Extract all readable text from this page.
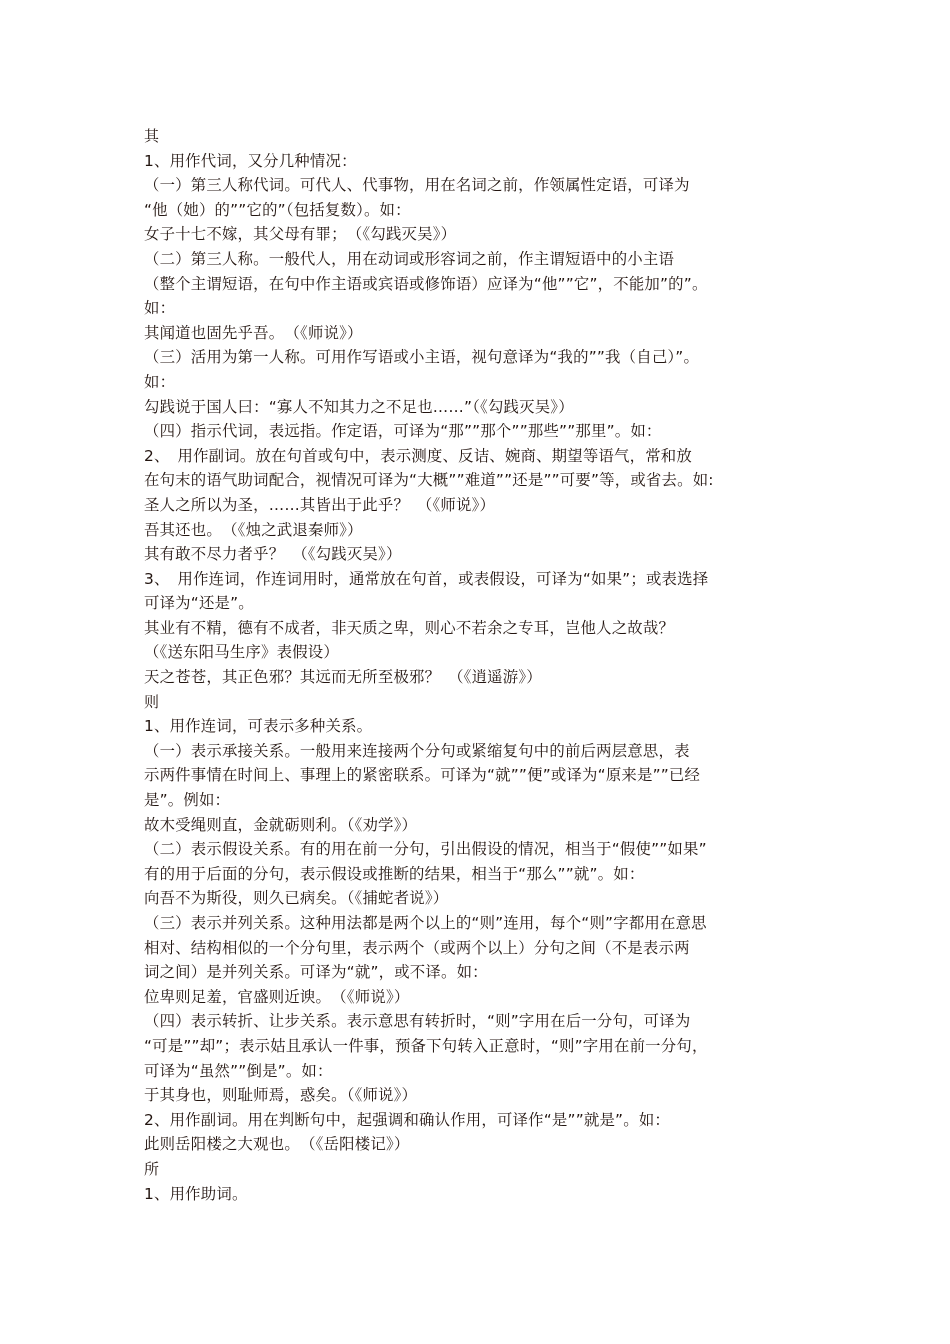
其
1、用作代词，又分几种情况：
（一）第三人称代词。可代人、代事物，用在名词之前，作领属性定语，可译为
“他（她）的””它的”（包括复数）。如：
女子十七不嫁，其父母有罪；　（《勾践灭吴》）
（二）第三人称。一般代人，用在动词或形容词之前，作主谓短语中的小主语
（整个主谓短语，在句中作主语或宾语或修饰语）应译为“他””它”，不能加”的”。
如：
其闻道也固先乎吾。　（《师说》）
（三）活用为第一人称。可用作写语或小主语，视句意译为“我的””我（自己）”。
如：
勾践说于国人曰：“寡人不知其力之不足也……”（《勾践灭吴》）
（四）指示代词，表远指。作定语，可译为“那””那个””那些””那里”。如：
2、　用作副词。放在句首或句中，表示测度、反诘、婉商、期望等语气，常和放
在句末的语气助词配合，视情况可译为“大概””难道””还是””可要”等，或省去。如:
圣人之所以为圣，……其皆出于此乎？　（《师说》）
吾其还也。　（《烛之武退秦师》）
其有敢不尽力者乎？　（《勾践灭吴》）
3、　用作连词，作连词用时，通常放在句首，或表假设，可译为“如果”；或表选择
可译为“还是”。
其业有不精，德有不成者，非天质之卑，则心不若余之专耳，岂他人之故哉？
（《送东阳马生序》表假设）
天之苍苍，其正色邪？其远而无所至极邪？　（《逍遥游》）
则
1、用作连词，可表示多种关系。
（一）表示承接关系。一般用来连接两个分句或紧缩复句中的前后两层意思，表
示两件事情在时间上、事理上的紧密联系。可译为“就””便”或译为“原来是””已经
是”。例如：
故木受绳则直，金就砺则利。（《劝学》）
（二）表示假设关系。有的用在前一分句，引出假设的情况，相当于“假使””如果”
有的用于后面的分句，表示假设或推断的结果，相当于“那么””就”。如：
向吾不为斯役，则久已病矣。（《捕蛇者说》）
（三）表示并列关系。这种用法都是两个以上的“则”连用，每个“则”字都用在意思
相对、结构相似的一个分句里，表示两个（或两个以上）分句之间（不是表示两
词之间）是并列关系。可译为“就”，或不译。如：
位卑则足羞，官盛则近谀。　（《师说》）
（四）表示转折、让步关系。表示意思有转折时，“则”字用在后一分句，可译为
“可是””却”；表示姑且承认一件事，预备下句转入正意时，“则”字用在前一分句，
可译为“虽然””倒是”。如：
于其身也，则耻师焉，惑矣。（《师说》）
2、用作副词。用在判断句中，起强调和确认作用，可译作“是””就是”。如：
此则岳阳楼之大观也。　（《岳阳楼记》）
所
1、用作助词。
